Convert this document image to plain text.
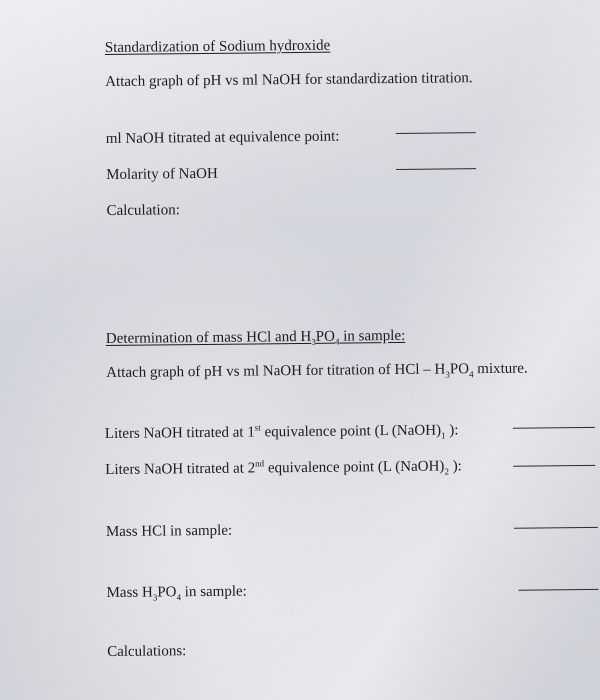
Standardization of Sodium hydroxide
Attach graph of pH vs ml NaOH for standardization titration.
ml NaOH titrated at equivalence point:
Molarity of NaOH
Calculation:
Determination of mass HCl and $H_3PO_4$ in sample:
Attach graph of pH vs ml NaOH for titration of HCl – $H_3PO_4$ mixture.
Liters NaOH titrated at 1st equivalence point (L $(NaOH)_1$ ):
Liters NaOH titrated at 2nd equivalence point (L $(NaOH)_2$ ):
Mass HCl in sample:
Mass $H_3PO_4$ in sample:
Calculations:
